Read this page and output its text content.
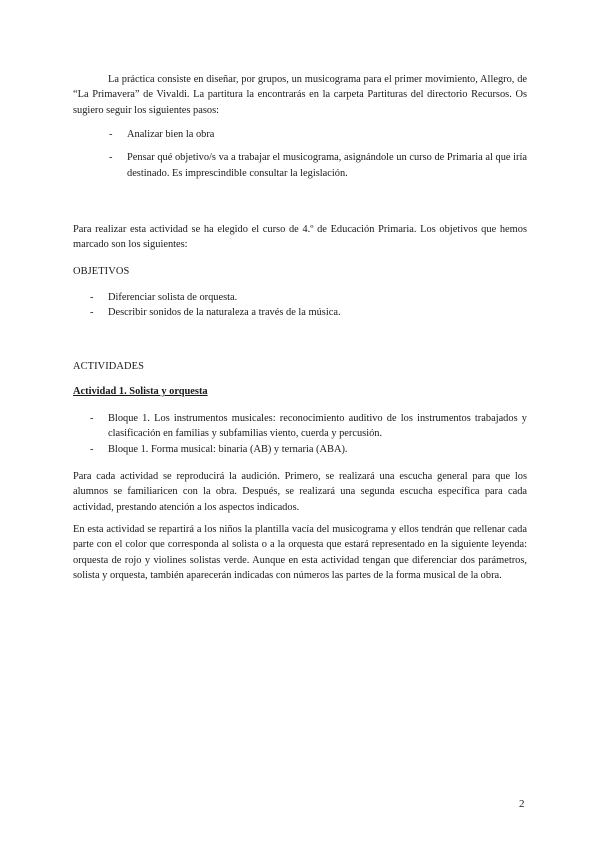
La práctica consiste en diseñar, por grupos, un musicograma para el primer movimiento, Allegro, de “La Primavera” de Vivaldi. La partitura la encontrarás en la carpeta Partituras del directorio Recursos. Os sugiero seguir los siguientes pasos:

- Analizar bien la obra
- Pensar qué objetivo/s va a trabajar el musicograma, asignándole un curso de Primaria al que iría destinado. Es imprescindible consultar la legislación.

Para realizar esta actividad se ha elegido el curso de 4.º de Educación Primaria. Los objetivos que hemos marcado son los siguientes:

OBJETIVOS

- Diferenciar solista de orquesta.
- Describir sonidos de la naturaleza a través de la música.

ACTIVIDADES

Actividad 1. Solista y orquesta

- Bloque 1. Los instrumentos musicales: reconocimiento auditivo de los instrumentos trabajados y clasificación en familias y subfamilias viento, cuerda y percusión.
- Bloque 1. Forma musical: binaria (AB) y ternaria (ABA).

Para cada actividad se reproducirá la audición. Primero, se realizará una escucha general para que los alumnos se familiaricen con la obra. Después, se realizará una segunda escucha específica para cada actividad, prestando atención a los aspectos indicados.

En esta actividad se repartirá a los niños la plantilla vacía del musicograma y ellos tendrán que rellenar cada parte con el color que corresponda al solista o a la orquesta que estará representado en la siguiente leyenda: orquesta de rojo y violines solistas verde. Aunque en esta actividad tengan que diferenciar dos parámetros, solista y orquesta, también aparecerán indicadas con números las partes de la forma musical de la obra.

2
